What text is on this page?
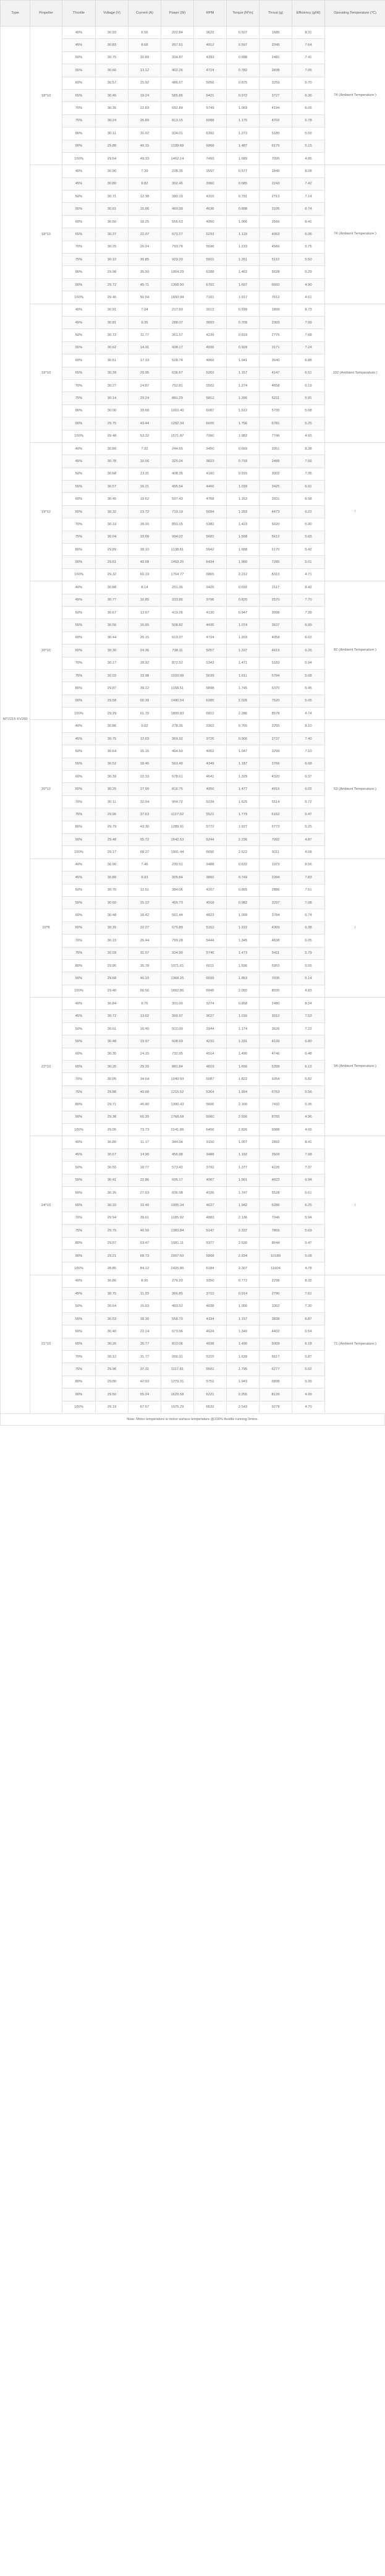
Type	Propeller	Throttle	Voltage (V)	Current (A)	Power (W)	RPM	Torque (N*m)	Thrust (g)	Efficiency (g/W)	Operating Temperature (℃)
MT2215 KV260	18*10	40%	30.92	6.56	202.84	3622	0.507	1685	8.31	74 (Ambient Temperature:)
		45%	30.83	8.68	267.61	4012	0.597	2045	7.64	
		50%	30.75	10.89	334.87	4393	0.688	2481	7.41	
		55%	30.66	13.12	402.26	4724	0.782	2838	7.05	
		60%	30.57	15.92	486.67	5056	0.875	3259	6.70	
		65%	30.45	19.24	585.86	5421	0.972	3727	6.36	
		70%	30.35	22.83	692.89	5749	1.069	4194	6.05	
		75%	30.24	26.89	813.15	6088	1.175	4702	5.78	
		80%	30.11	31.02	934.01	6392	1.273	5185	5.55	
		90%	29.88	40.15	1199.68	6968	1.487	6176	5.15	
		100%	29.64	49.33	1462.14	7493	1.689	7095	4.85	
	18*12	40%	30.90	7.39	228.35	3557	0.577	1845	8.08	74 (Ambient Temperature:)
		45%	30.80	9.82	302.46	3960	0.685	2243	7.42	
		50%	30.71	12.38	380.19	4315	0.791	2713	7.14	
		55%	30.61	15.06	460.99	4636	0.898	3105	6.74	
		60%	30.50	18.25	556.63	4950	1.006	3566	6.41	
		65%	30.37	22.07	670.27	5293	1.119	4063	6.06	
		70%	30.25	26.24	793.76	5596	1.233	4566	5.75	
		75%	30.12	30.85	929.20	5915	1.351	5112	5.50	
		80%	29.98	35.50	1064.29	6188	1.462	5628	5.29	
		90%	29.72	45.71	1358.50	6702	1.697	6660	4.90	
		100%	29.46	56.04	1650.94	7161	1.917	7612	4.61	
	19*10	40%	30.91	7.04	217.60	3512	0.599	1899	8.73	102 (Ambient Temperature:)
		45%	30.81	9.35	288.07	3893	0.709	2303	7.99	
		50%	30.72	11.77	361.57	4239	0.819	2776	7.68	
		55%	30.62	14.31	438.17	4556	0.929	3171	7.24	
		60%	30.51	17.33	528.74	4866	1.041	3640	6.88	
		65%	30.39	20.95	636.67	5202	1.157	4147	6.51	
		70%	30.27	24.87	752.81	5502	1.274	4658	6.19	
		75%	30.14	29.24	881.29	5812	1.396	5211	5.91	
		80%	30.00	33.68	1010.40	6087	1.512	5735	5.68	
		90%	29.75	43.44	1292.34	6605	1.756	6781	5.25	
		100%	29.48	53.32	1571.87	7060	1.982	7746	4.93	
	19*12	40%	30.89	7.92	244.65	3450	0.669	2051	8.38	/
		45%	30.78	10.56	325.04	3823	0.793	2489	7.66	
		50%	30.68	13.31	408.35	4160	0.915	3002	7.35	
		55%	30.57	16.21	495.54	4466	1.039	3425	6.91	
		60%	30.45	19.62	597.43	4768	1.163	3931	6.58	
		65%	30.32	23.72	719.19	5094	1.293	4473	6.22	
		70%	30.19	28.16	850.15	5382	1.423	5020	5.90	
		75%	30.04	33.09	994.02	5681	1.558	5612	5.65	
		80%	29.89	38.10	1138.81	5942	1.688	6170	5.42	
		90%	29.61	49.08	1453.26	6434	1.960	7285	5.01	
		100%	29.32	60.19	1764.77	6865	2.212	8310	4.71	
	20*10	40%	30.88	8.14	251.36	3425	0.692	2117	8.42	82 (Ambient Temperature:)
		45%	30.77	10.85	333.86	3796	0.820	2570	7.70	
		50%	30.67	13.67	419.26	4130	0.947	3098	7.39	
		55%	30.56	16.65	508.82	4435	1.074	3537	6.95	
		60%	30.44	20.15	613.37	4734	1.203	4058	6.62	
		65%	30.30	24.36	738.11	5057	1.337	4619	6.26	
		70%	30.17	28.92	872.52	5343	1.471	5183	5.94	
		75%	30.02	33.98	1020.08	5639	1.611	5794	5.68	
		80%	29.87	39.12	1168.51	5898	1.745	6370	5.45	
		90%	29.58	50.39	1490.54	6385	2.026	7520	5.05	
		100%	29.29	61.79	1809.83	6812	2.286	8578	4.74	
	20*12	40%	30.86	9.02	278.36	3362	0.765	2255	8.10	53 (Ambient Temperature:)
		45%	30.75	12.03	369.92	3725	0.906	2737	7.40	
		50%	30.64	15.16	464.50	4052	1.047	3299	7.10	
		55%	30.52	18.46	563.40	4349	1.187	3766	6.68	
		60%	30.39	22.33	678.61	4641	1.329	4320	6.37	
		65%	30.25	27.00	816.75	4956	1.477	4916	6.02	
		70%	30.11	32.04	964.72	5234	1.625	5514	5.72	
		75%	29.95	37.63	1127.02	5521	1.779	6162	5.47	
		80%	29.79	43.30	1289.91	5772	1.927	6773	5.25	
		90%	29.48	55.72	1642.63	6244	2.236	7992	4.87	
		100%	29.17	68.27	1991.44	6656	2.522	9111	4.58	
	20*8	40%	30.90	7.46	230.51	3488	0.632	1973	8.56	/
		45%	30.80	9.93	305.84	3866	0.749	2394	7.83	
		50%	30.70	12.51	384.06	4207	0.865	2886	7.51	
		55%	30.60	15.22	465.73	4518	0.982	3297	7.08	
		60%	30.48	18.42	561.44	4823	1.099	3784	6.74	
		65%	30.35	22.27	675.89	5152	1.222	4309	6.38	
		70%	30.23	26.44	799.28	5444	1.345	4838	6.05	
		75%	30.09	31.07	934.90	5746	1.473	5411	5.79	
		80%	29.95	35.78	1071.61	6011	1.596	5952	5.55	
		90%	29.68	46.10	1368.25	6509	1.853	7035	5.14	
		100%	29.40	56.56	1662.86	6945	2.092	8035	4.83	
	22*10	40%	30.84	9.76	301.00	3274	0.858	2480	8.24	94 (Ambient Temperature:)
		45%	30.72	13.02	399.97	3627	1.016	3010	7.53	
		50%	30.61	16.40	502.00	3944	1.174	3626	7.22	
		55%	30.48	19.97	608.69	4232	1.331	4139	6.80	
		60%	30.35	24.15	732.95	4514	1.490	4746	6.48	
		65%	30.20	29.20	881.84	4819	1.656	5399	6.12	
		70%	30.05	34.64	1040.93	5087	1.822	6054	5.82	
		75%	29.88	40.68	1215.52	5364	1.994	6763	5.56	
		80%	29.71	46.80	1390.43	5606	2.160	7432	5.35	
		90%	29.38	60.20	1768.68	6060	2.506	8765	4.96	
		100%	29.05	73.73	2141.86	6456	2.826	9988	4.66	
	24*10	40%	30.80	11.17	344.04	3150	1.007	2892	8.41	/
		45%	30.67	14.90	456.98	3488	1.192	3509	7.68	
		50%	30.55	18.77	573.42	3792	1.377	4226	7.37	
		55%	30.41	22.86	695.17	4067	1.561	4822	6.94	
		60%	30.26	27.63	836.08	4336	1.747	5528	6.61	
		65%	30.10	33.40	1005.34	4627	1.942	6286	6.25	
		70%	29.94	39.61	1185.92	4883	2.136	7046	5.94	
		75%	29.76	46.50	1383.84	5147	2.337	7869	5.69	
		80%	29.57	53.47	1581.11	5377	2.530	8644	5.47	
		90%	29.21	68.73	2007.60	5808	2.934	10189	5.08	
		100%	28.85	84.12	2426.86	6184	3.307	11604	4.78	
	21*10	40%	30.86	8.95	276.20	3350	0.772	2298	8.32	71 (Ambient Temperature:)
		45%	30.75	11.93	366.85	3712	0.914	2790	7.61	
		50%	30.64	15.03	460.52	4038	1.056	3362	7.30	
		55%	30.53	18.30	558.70	4334	1.197	3838	6.87	
		60%	30.40	22.14	673.06	4624	1.340	4402	6.54	
		65%	30.26	26.77	810.06	4938	1.490	5009	6.18	
		70%	30.12	31.77	956.91	5215	1.639	5617	5.87	
		75%	29.96	37.31	1117.81	5501	1.795	6277	5.62	
		80%	29.80	42.93	1279.31	5751	1.943	6898	5.39	
		90%	29.50	55.24	1629.58	6221	2.255	8139	4.99	
		100%	29.19	67.67	1975.29	6632	2.543	9278	4.70	
Note: Motor temperature is motor surface temperature @100% throttle running 3mins.
